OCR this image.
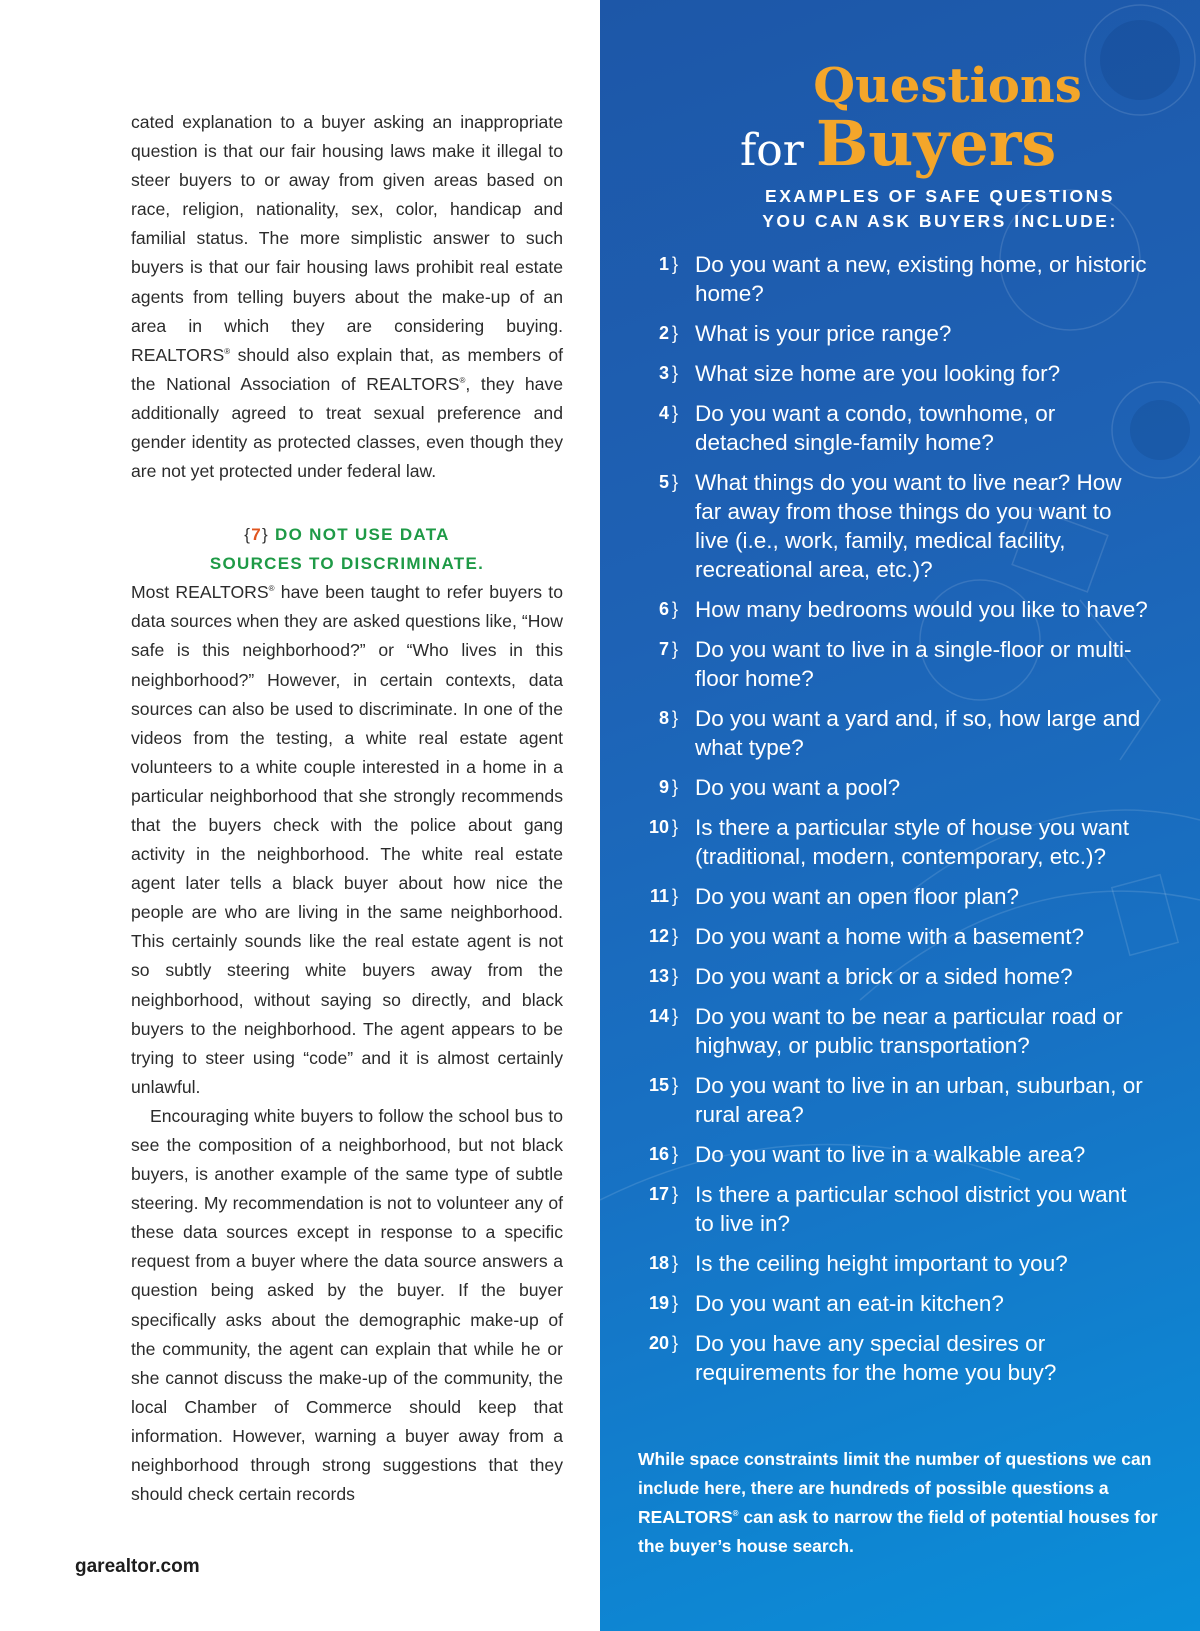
cated explanation to a buyer asking an inappropriate question is that our fair housing laws make it illegal to steer buyers to or away from given areas based on race, religion, nationality, sex, color, handicap and familial status. The more simplistic answer to such buyers is that our fair housing laws prohibit real estate agents from telling buyers about the make-up of an area in which they are considering buying. REALTORS® should also explain that, as members of the National Association of REALTORS®, they have additionally agreed to treat sexual preference and gender identity as protected classes, even though they are not yet protected under federal law.

{7} DO NOT USE DATA
SOURCES TO DISCRIMINATE.

Most REALTORS® have been taught to refer buyers to data sources when they are asked questions like, “How safe is this neighborhood?” or “Who lives in this neighborhood?” However, in certain contexts, data sources can also be used to discriminate. In one of the videos from the testing, a white real estate agent volunteers to a white couple interested in a home in a particular neighborhood that she strongly recommends that the buyers check with the police about gang activity in the neighborhood. The white real estate agent later tells a black buyer about how nice the people are who are living in the same neighborhood. This certainly sounds like the real estate agent is not so subtly steering white buyers away from the neighborhood, without saying so directly, and black buyers to the neighborhood. The agent appears to be trying to steer using “code” and it is almost certainly unlawful.

Encouraging white buyers to follow the school bus to see the composition of a neighborhood, but not black buyers, is another example of the same type of subtle steering. My recommendation is not to volunteer any of these data sources except in response to a specific request from a buyer where the data source answers a question being asked by the buyer. If the buyer specifically asks about the demographic make-up of the community, the agent can explain that while he or she cannot discuss the make-up of the community, the local Chamber of Commerce should keep that information. However, warning a buyer away from a neighborhood through strong suggestions that they should check certain records

garealtor.com
Questions
for Buyers
EXAMPLES OF SAFE QUESTIONS
YOU CAN ASK BUYERS INCLUDE:
1 } Do you want a new, existing home, or historic home?
2 } What is your price range?
3 } What size home are you looking for?
4 } Do you want a condo, townhome, or detached single-family home?
5 } What things do you want to live near? How far away from those things do you want to live (i.e., work, family, medical facility, recreational area, etc.)?
6 } How many bedrooms would you like to have?
7 } Do you want to live in a single-floor or multi-floor home?
8 } Do you want a yard and, if so, how large and what type?
9 } Do you want a pool?
10 } Is there a particular style of house you want (traditional, modern, contemporary, etc.)?
11 } Do you want an open floor plan?
12 } Do you want a home with a basement?
13 } Do you want a brick or a sided home?
14 } Do you want to be near a particular road or highway, or public transportation?
15 } Do you want to live in an urban, suburban, or rural area?
16 } Do you want to live in a walkable area?
17 } Is there a particular school district you want to live in?
18 } Is the ceiling height important to you?
19 } Do you want an eat-in kitchen?
20 } Do you have any special desires or requirements for the home you buy?
While space constraints limit the number of questions we can include here, there are hundreds of possible questions a REALTORS® can ask to narrow the field of potential houses for the buyer’s house search.
